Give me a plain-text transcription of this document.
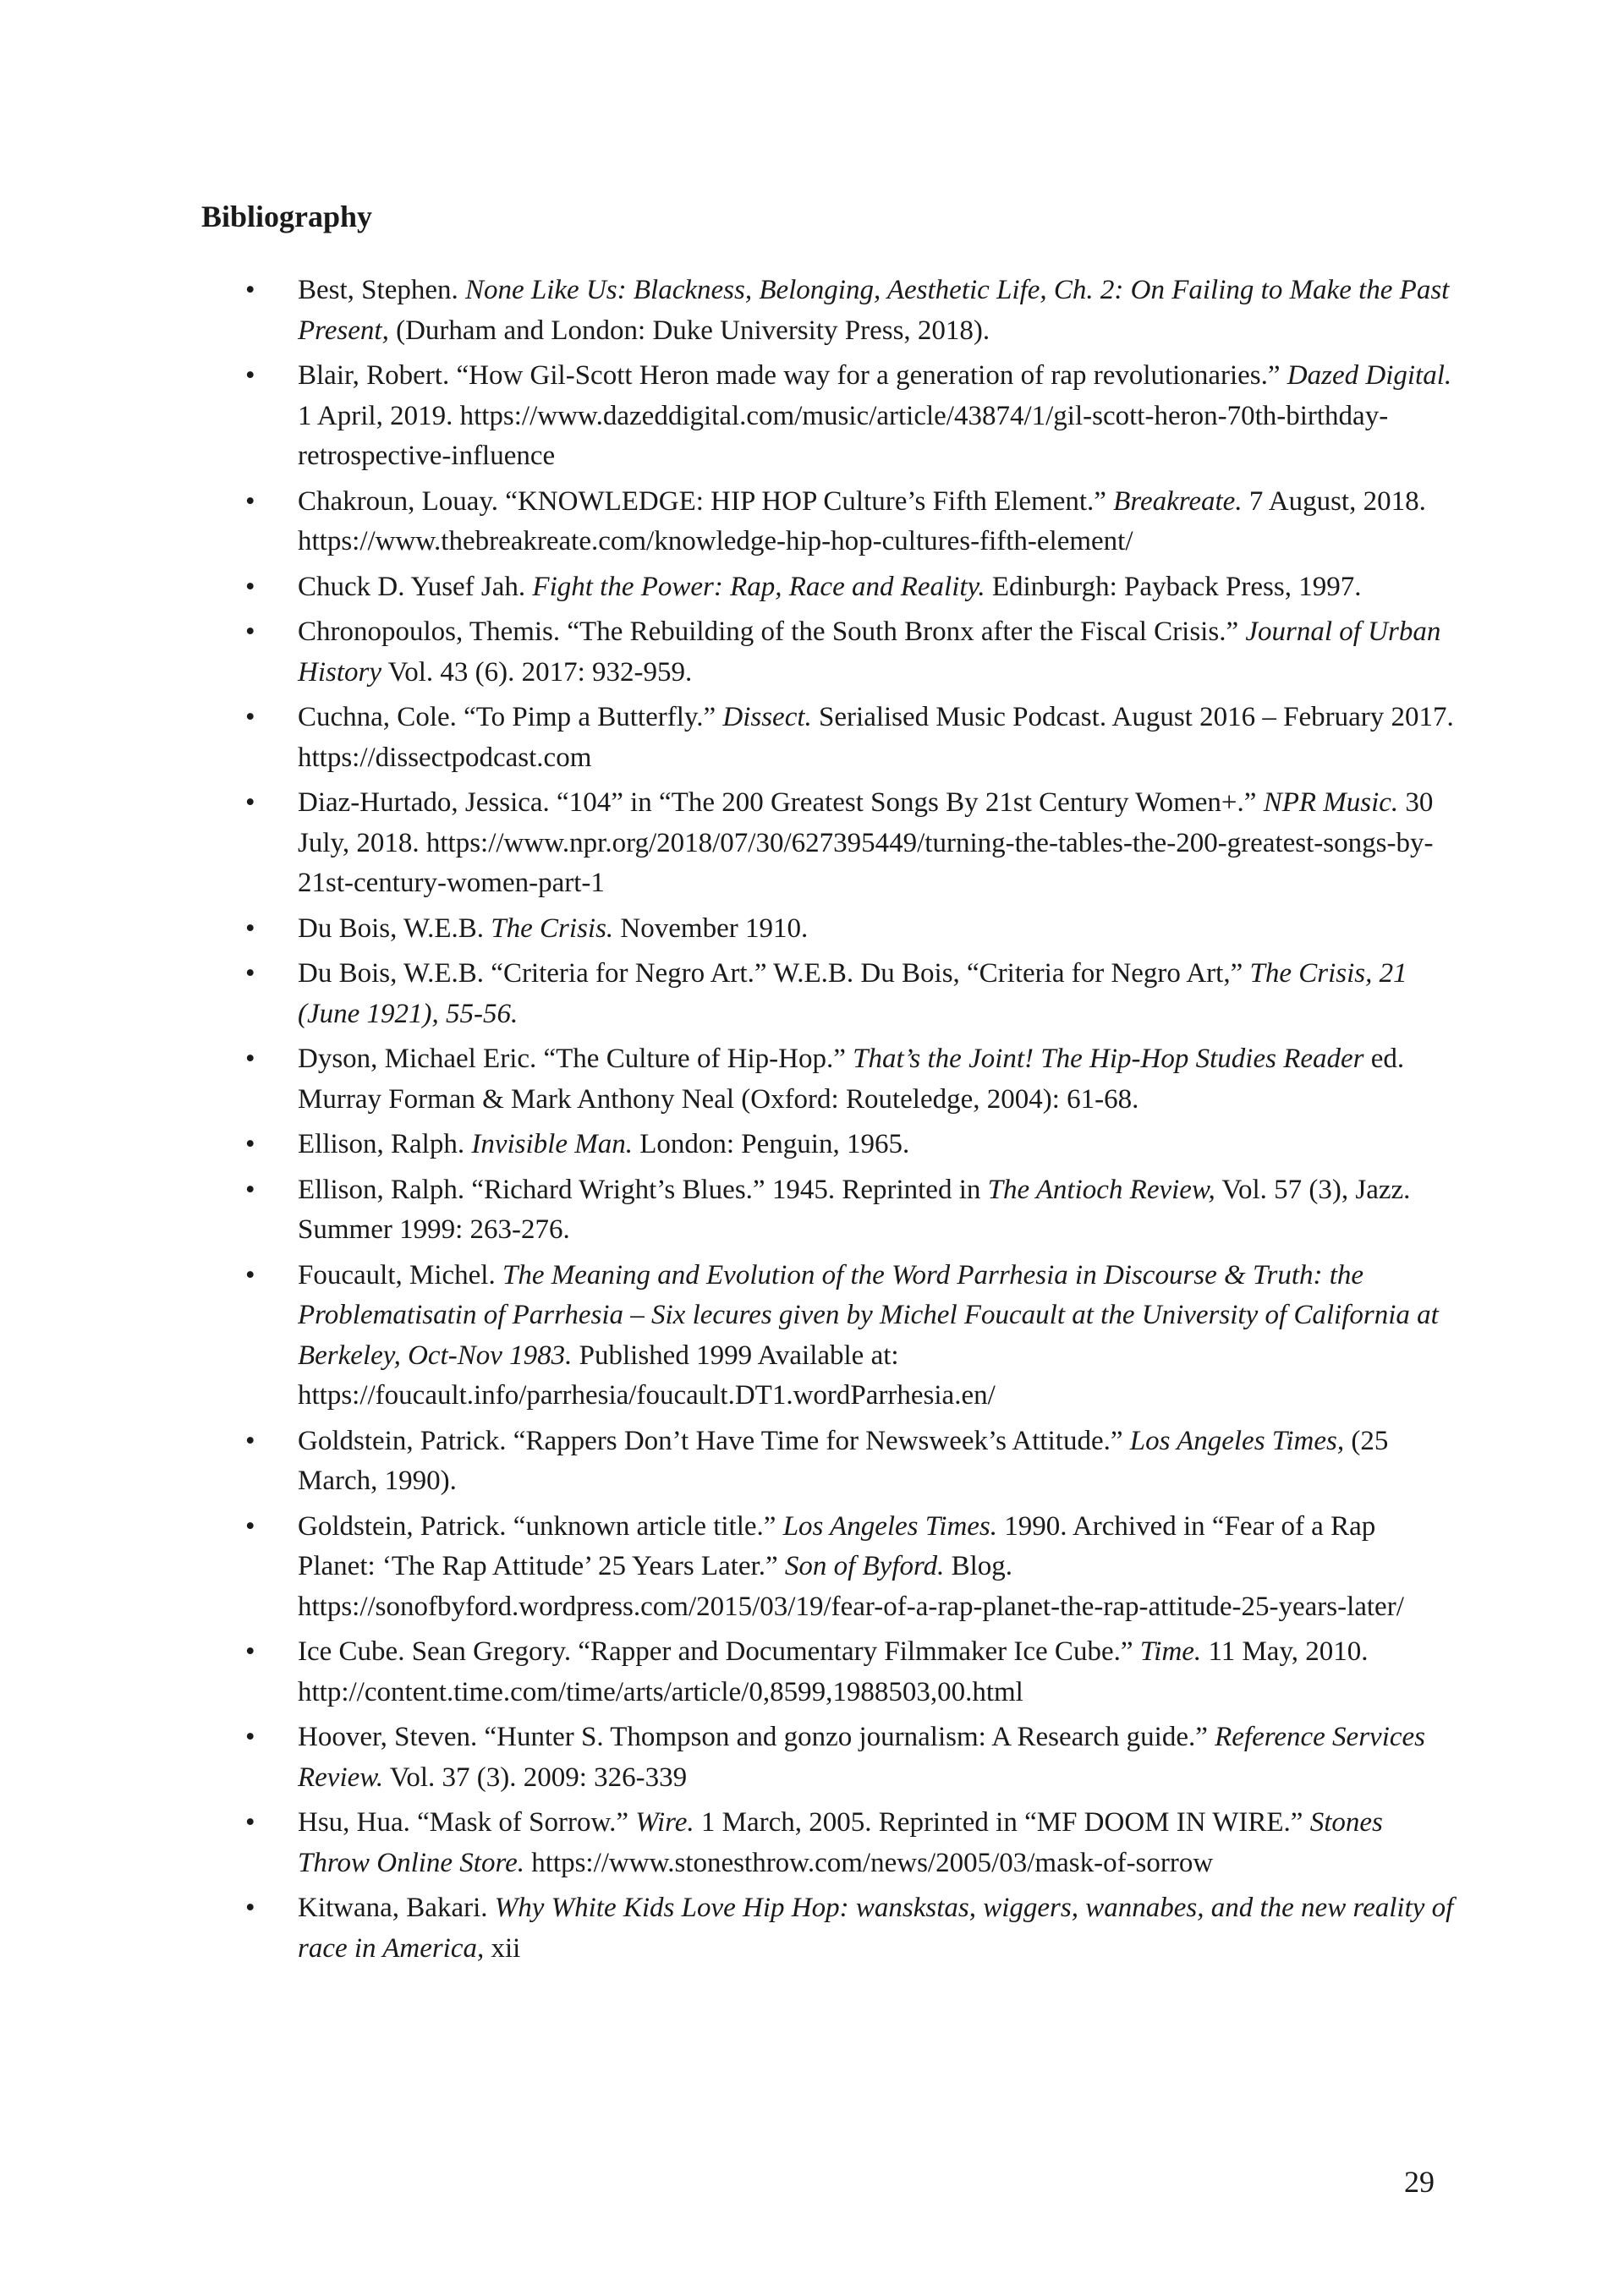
Bibliography
• Best, Stephen. None Like Us: Blackness, Belonging, Aesthetic Life, Ch. 2: On Failing to Make the Past Present, (Durham and London: Duke University Press, 2018).
• Blair, Robert. “How Gil-Scott Heron made way for a generation of rap revolutionaries.” Dazed Digital. 1 April, 2019. https://www.dazeddigital.com/music/article/43874/1/gil-scott-heron-70th-birthday-retrospective-influence
• Chakroun, Louay. “KNOWLEDGE: HIP HOP Culture’s Fifth Element.” Breakreate. 7 August, 2018. https://www.thebreakreate.com/knowledge-hip-hop-cultures-fifth-element/
• Chuck D. Yusef Jah. Fight the Power: Rap, Race and Reality. Edinburgh: Payback Press, 1997.
• Chronopoulos, Themis. “The Rebuilding of the South Bronx after the Fiscal Crisis.” Journal of Urban History Vol. 43 (6). 2017: 932-959.
• Cuchna, Cole. “To Pimp a Butterfly.” Dissect. Serialised Music Podcast. August 2016 – February 2017. https://dissectpodcast.com
• Diaz-Hurtado, Jessica. “104” in “The 200 Greatest Songs By 21st Century Women+.” NPR Music. 30 July, 2018. https://www.npr.org/2018/07/30/627395449/turning-the-tables-the-200-greatest-songs-by-21st-century-women-part-1
• Du Bois, W.E.B. The Crisis. November 1910.
• Du Bois, W.E.B. “Criteria for Negro Art.” W.E.B. Du Bois, “Criteria for Negro Art,” The Crisis, 21 (June 1921), 55-56.
• Dyson, Michael Eric. “The Culture of Hip-Hop.” That’s the Joint! The Hip-Hop Studies Reader ed. Murray Forman & Mark Anthony Neal (Oxford: Routeledge, 2004): 61-68.
• Ellison, Ralph. Invisible Man. London: Penguin, 1965.
• Ellison, Ralph. “Richard Wright’s Blues.” 1945. Reprinted in The Antioch Review, Vol. 57 (3), Jazz. Summer 1999: 263-276.
• Foucault, Michel. The Meaning and Evolution of the Word Parrhesia in Discourse & Truth: the Problematisatin of Parrhesia – Six lecures given by Michel Foucault at the University of California at Berkeley, Oct-Nov 1983. Published 1999 Available at: https://foucault.info/parrhesia/foucault.DT1.wordParrhesia.en/
• Goldstein, Patrick. “Rappers Don’t Have Time for Newsweek’s Attitude.” Los Angeles Times, (25 March, 1990).
• Goldstein, Patrick. “unknown article title.” Los Angeles Times. 1990. Archived in “Fear of a Rap Planet: ‘The Rap Attitude’ 25 Years Later.” Son of Byford. Blog. https://sonofbyford.wordpress.com/2015/03/19/fear-of-a-rap-planet-the-rap-attitude-25-years-later/
• Ice Cube. Sean Gregory. “Rapper and Documentary Filmmaker Ice Cube.” Time. 11 May, 2010. http://content.time.com/time/arts/article/0,8599,1988503,00.html
• Hoover, Steven. “Hunter S. Thompson and gonzo journalism: A Research guide.” Reference Services Review. Vol. 37 (3). 2009: 326-339
• Hsu, Hua. “Mask of Sorrow.” Wire. 1 March, 2005. Reprinted in “MF DOOM IN WIRE.” Stones Throw Online Store. https://www.stonesthrow.com/news/2005/03/mask-of-sorrow
• Kitwana, Bakari. Why White Kids Love Hip Hop: wanskstas, wiggers, wannabes, and the new reality of race in America, xii
29
